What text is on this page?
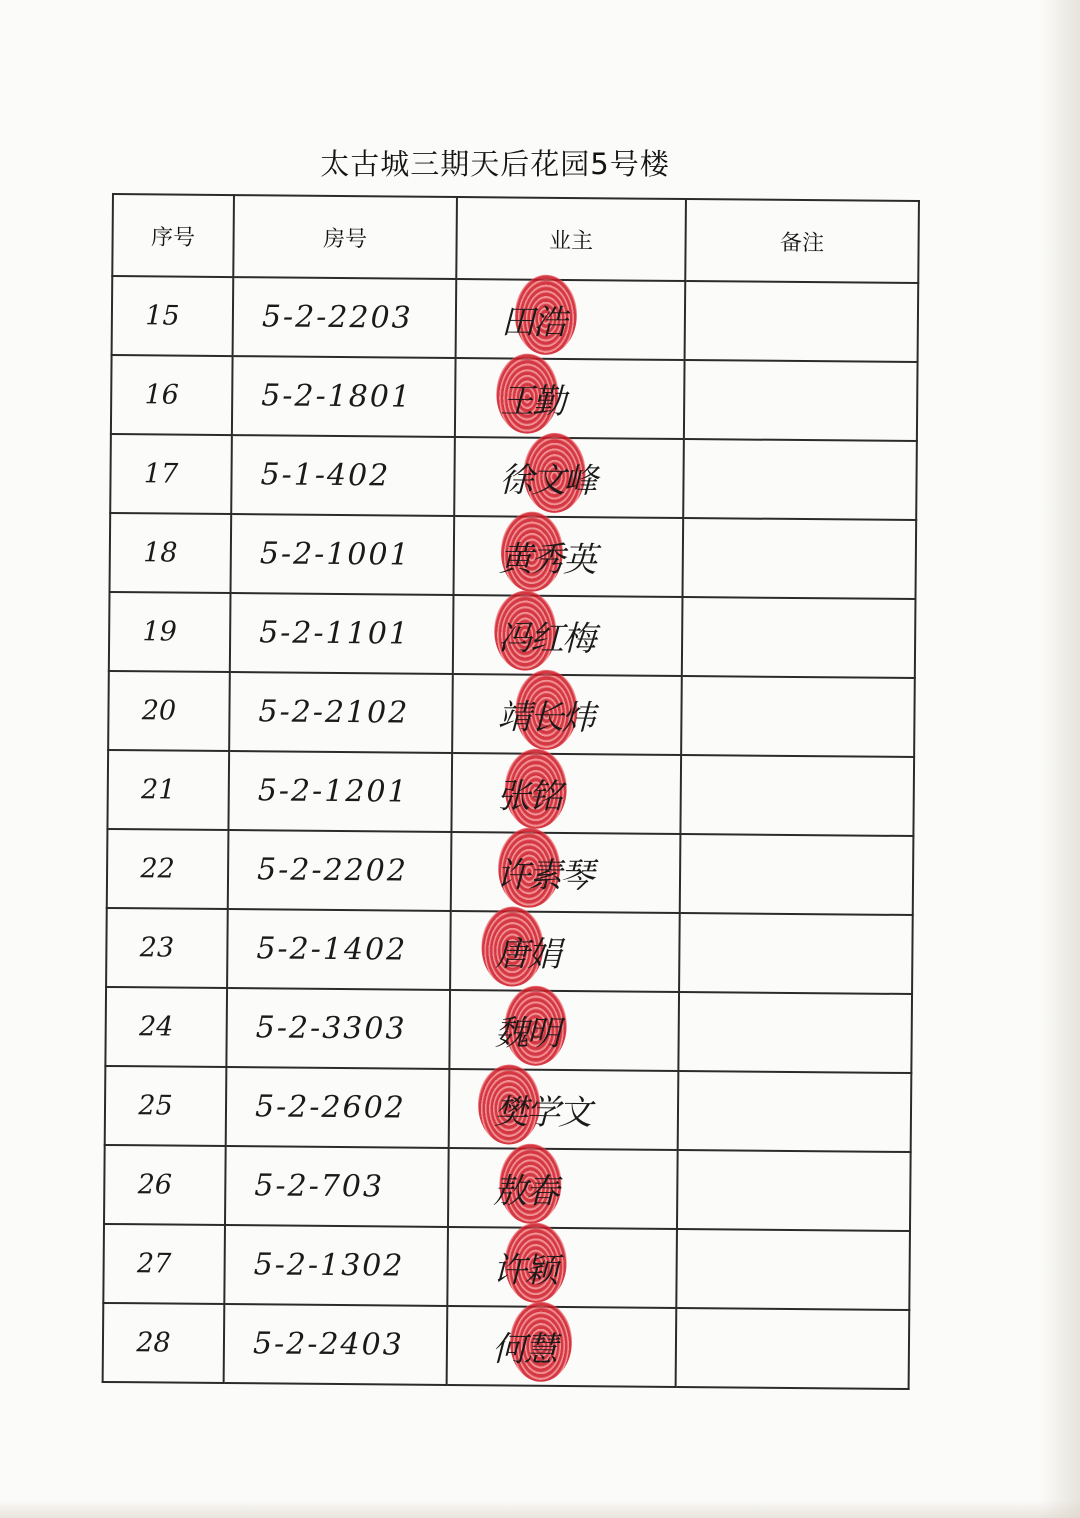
太古城三期天后花园5号楼
序号	房号	业主	备注

15	5-2-2203	田浩	

16	5-2-1801	王勤	

17	5-1-402	徐文峰	

18	5-2-1001	黄秀英	

19	5-2-1101	冯红梅	

20	5-2-2102	靖长炜	

21	5-2-1201	张铭	

22	5-2-2202	许素琴	

23	5-2-1402	唐娟	

24	5-2-3303	魏明	

25	5-2-2602	樊学文	

26	5-2-703	敖春	

27	5-2-1302	许颖	

28	5-2-2403	何慧	
